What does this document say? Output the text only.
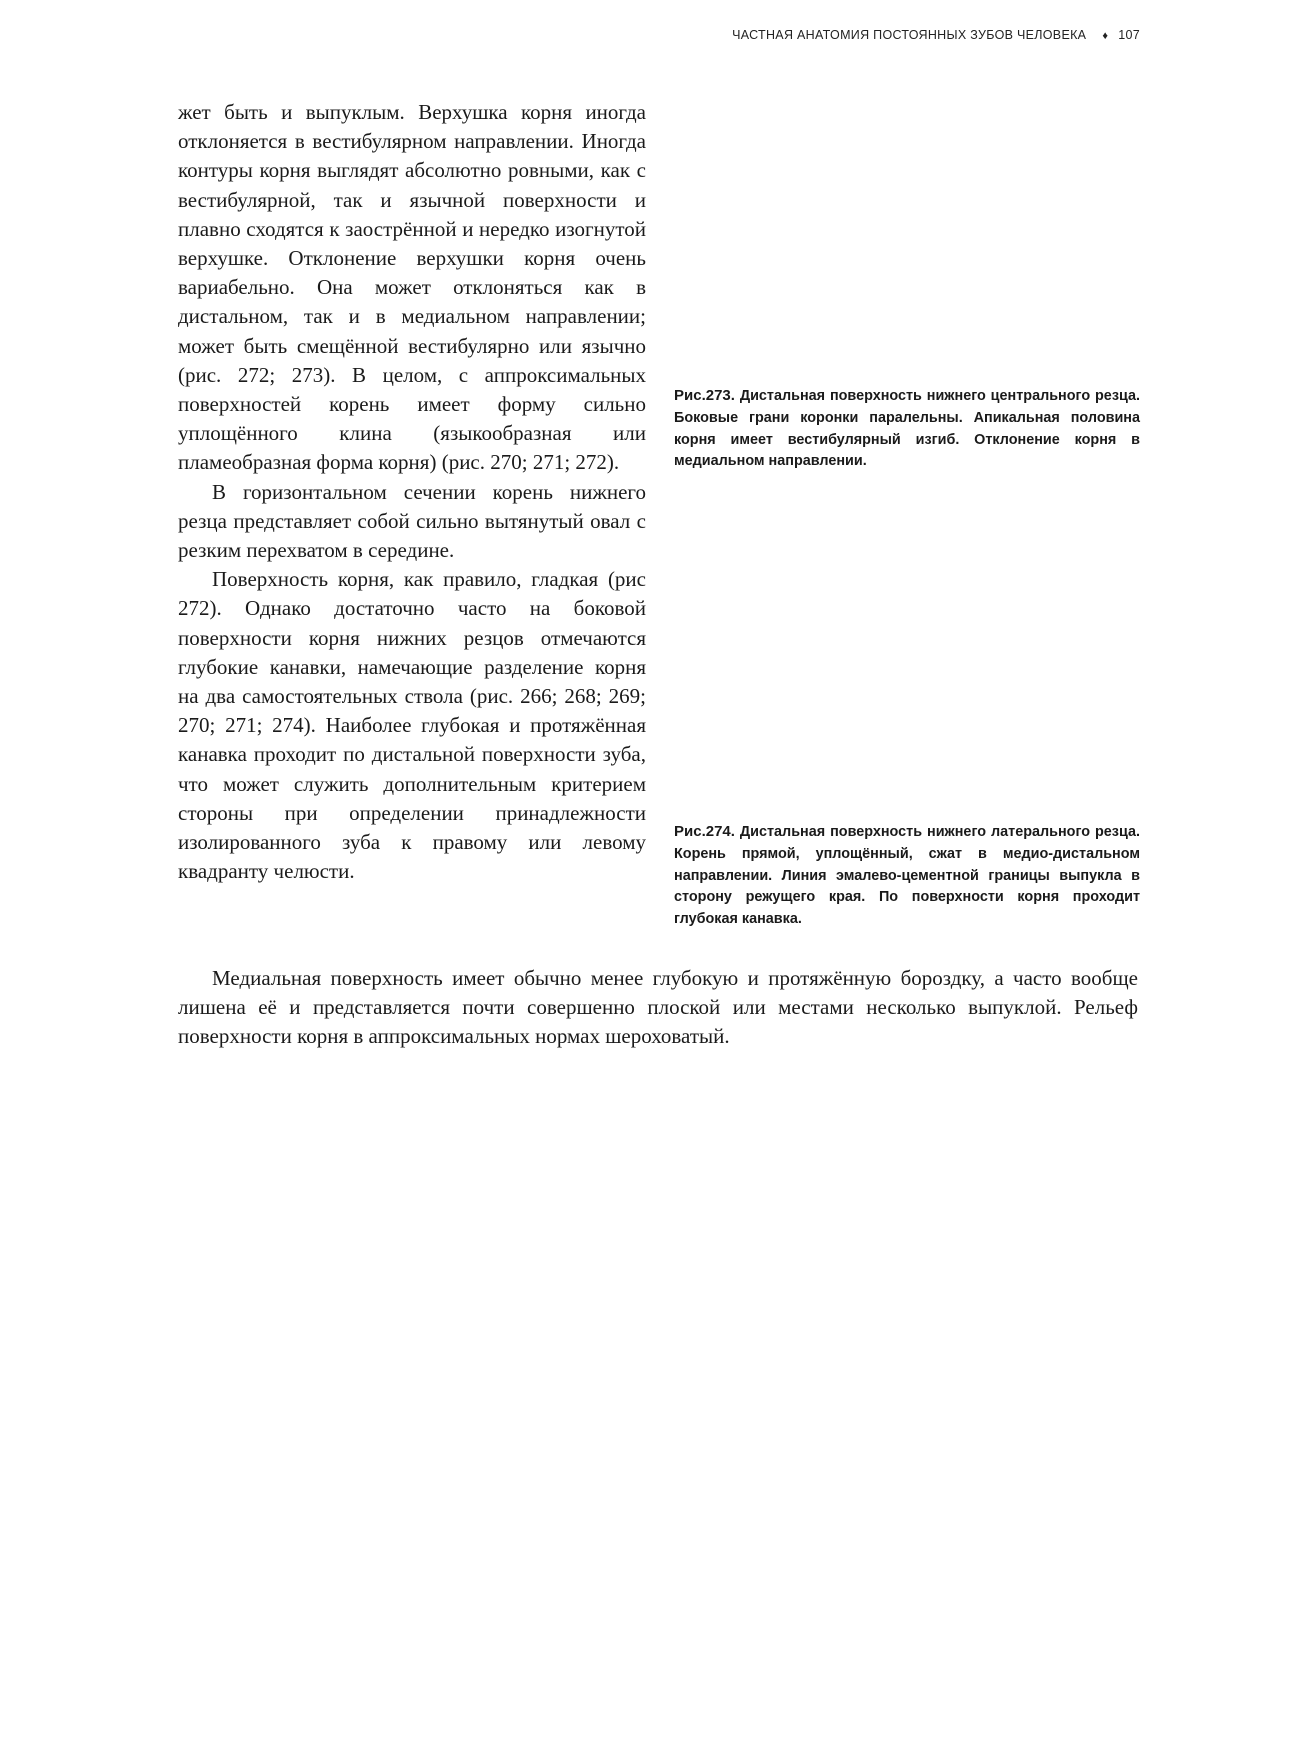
ЧАСТНАЯ АНАТОМИЯ ПОСТОЯННЫХ ЗУБОВ ЧЕЛОВЕКА ♦ 107

жет быть и выпуклым. Верхушка корня иногда отклоняется в вестибулярном направлении. Иногда контуры корня выглядят абсолютно ровными, как с вестибулярной, так и язычной поверхности и плавно сходятся к заострённой и нередко изогнутой верхушке. Отклонение верхушки корня очень вариабельно. Она может отклоняться как в дистальном, так и в медиальном направлении; может быть смещённой вестибулярно или язычно (рис. 272; 273). В целом, с аппроксимальных поверхностей корень имеет форму сильно уплощённого клина (языкообразная или пламеобразная форма корня) (рис. 270; 271; 272).

В горизонтальном сечении корень нижнего резца представляет собой сильно вытянутый овал с резким перехватом в середине.

Поверхность корня, как правило, гладкая (рис 272). Однако достаточно часто на боковой поверхности корня нижних резцов отмечаются глубокие канавки, намечающие разделение корня на два самостоятельных ствола (рис. 266; 268; 269; 270; 271; 274). Наиболее глубокая и протяжённая канавка проходит по дистальной поверхности зуба, что может служить дополнительным критерием стороны при определении принадлежности изолированного зуба к правому или левому квадранту челюсти.

Рис.273. Дистальная поверхность нижнего центрального резца. Боковые грани коронки паралельны. Апикальная половина корня имеет вестибулярный изгиб. Отклонение корня в медиальном направлении.
Рис.274. Дистальная поверхность нижнего латерального резца. Корень прямой, уплощённый, сжат в медио-дистальном направлении. Линия эмалево-цементной границы выпукла в сторону режущего края. По поверхности корня проходит глубокая канавка.

Медиальная поверхность имеет обычно менее глубокую и протяжённую бороздку, а часто вообще лишена её и представляется почти совершенно плоской или местами несколько выпуклой. Рельеф поверхности корня в аппроксимальных нормах шероховатый.
